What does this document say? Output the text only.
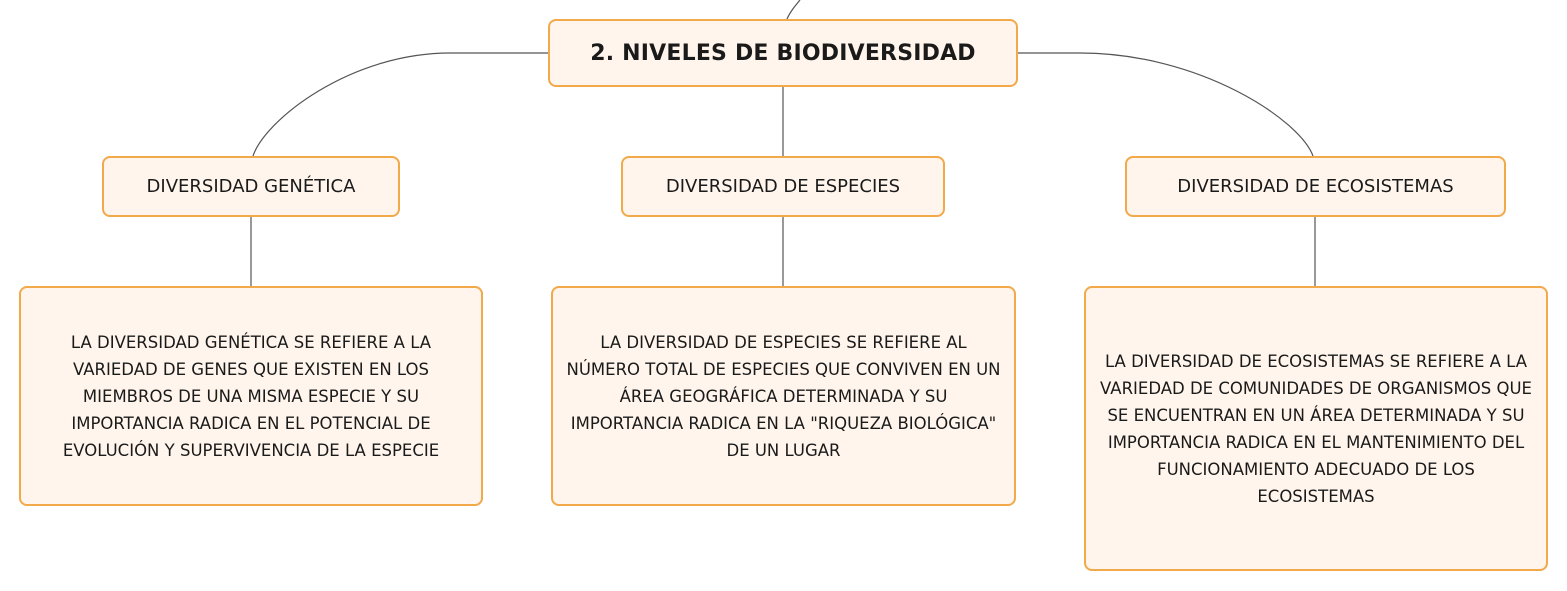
2. NIVELES DE BIODIVERSIDAD
DIVERSIDAD GENÉTICA	DIVERSIDAD DE ESPECIES	DIVERSIDAD DE ECOSISTEMAS
LA DIVERSIDAD GENÉTICA SE REFIERE A LA VARIEDAD DE GENES QUE EXISTEN EN LOS MIEMBROS DE UNA MISMA ESPECIE Y SU IMPORTANCIA RADICA EN EL POTENCIAL DE EVOLUCIÓN Y SUPERVIVENCIA DE LA ESPECIE
LA DIVERSIDAD DE ESPECIES SE REFIERE AL NÚMERO TOTAL DE ESPECIES QUE CONVIVEN EN UN ÁREA GEOGRÁFICA DETERMINADA Y SU IMPORTANCIA RADICA EN LA "RIQUEZA BIOLÓGICA" DE UN LUGAR
LA DIVERSIDAD DE ECOSISTEMAS SE REFIERE A LA VARIEDAD DE COMUNIDADES DE ORGANISMOS QUE SE ENCUENTRAN EN UN ÁREA DETERMINADA Y SU IMPORTANCIA RADICA EN EL MANTENIMIENTO DEL FUNCIONAMIENTO ADECUADO DE LOS ECOSISTEMAS
